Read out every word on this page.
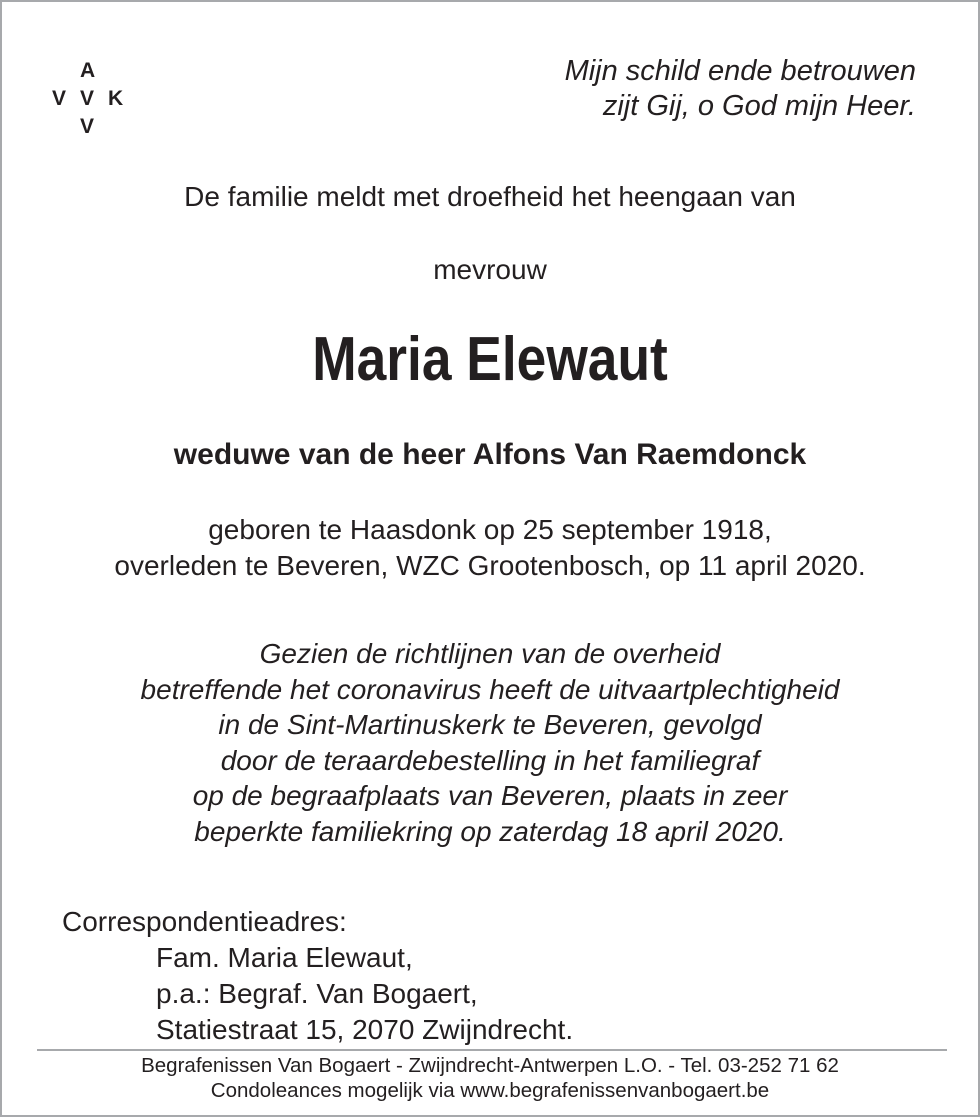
A
V V K
V
Mijn schild ende betrouwen
zijt Gij, o God mijn Heer.
De familie meldt met droefheid het heengaan van
mevrouw
Maria Elewaut
weduwe van de heer Alfons Van Raemdonck
geboren te Haasdonk op 25 september 1918,
overleden te Beveren, WZC Grootenbosch, op 11 april 2020.
Gezien de richtlijnen van de overheid
betreffende het coronavirus heeft de uitvaartplechtigheid
in de Sint-Martinuskerk te Beveren, gevolgd
door de teraardebestelling in het familiegraf
op de begraafplaats van Beveren, plaats in zeer
beperkte familiekring op zaterdag 18 april 2020.
Correspondentieadres:
Fam. Maria Elewaut,
p.a.: Begraf. Van Bogaert,
Statiestraat 15, 2070 Zwijndrecht.
Begrafenissen Van Bogaert - Zwijndrecht-Antwerpen L.O. - Tel. 03-252 71 62
Condoleances mogelijk via www.begrafenissenvanbogaert.be
